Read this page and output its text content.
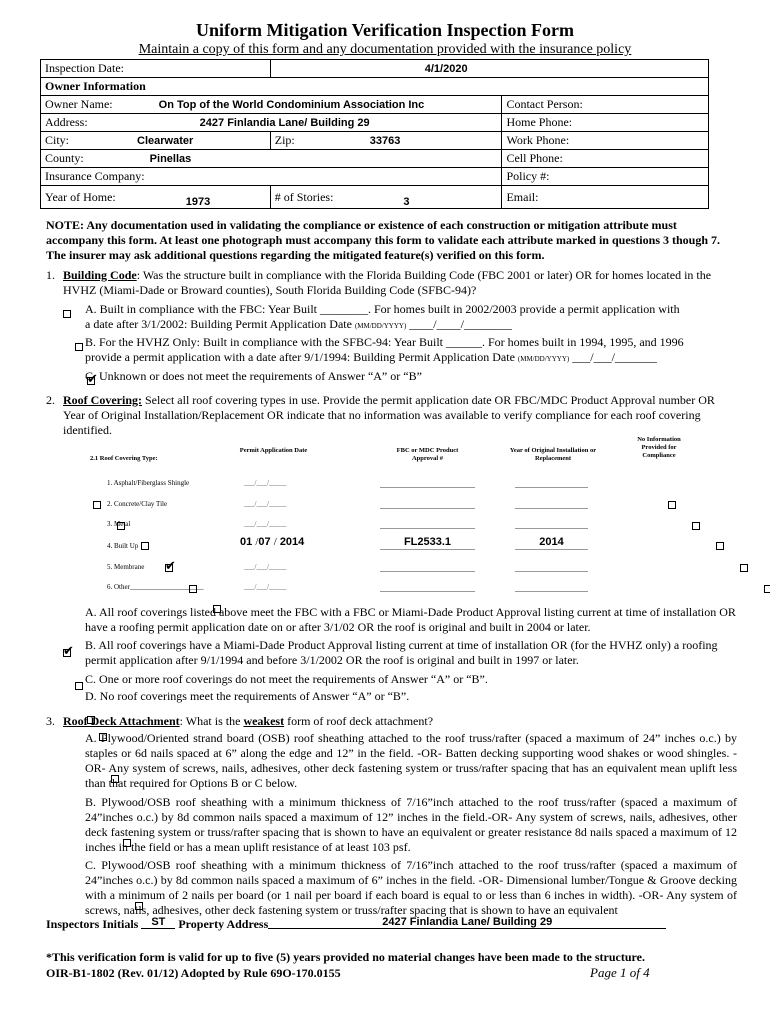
Uniform Mitigation Verification Inspection Form
Maintain a copy of this form and any documentation provided with the insurance policy
Inspection Date:	4/1/2020	
Owner Information		
Owner Name: On Top of the World Condominium Association Inc		Contact Person:
Address: 2427 Finlandia Lane/ Building 29		Home Phone:
City: Clearwater	Zip: 33763	Work Phone:
County: Pinellas		Cell Phone:
Insurance Company:		Policy #:
Year of Home: 1973	# of Stories: 3	Email:
NOTE: Any documentation used in validating the compliance or existence of each construction or mitigation attribute must accompany this form. At least one photograph must accompany this form to validate each attribute marked in questions 3 though 7. The insurer may ask additional questions regarding the mitigated feature(s) verified on this form.
1. Building Code: Was the structure built in compliance with the Florida Building Code (FBC 2001 or later) OR for homes located in the HVHZ (Miami-Dade or Broward counties), South Florida Building Code (SFBC-94)?

A. Built in compliance with the FBC: Year Built ________. For homes built in 2002/2003 provide a permit application with
a date after 3/1/2002: Building Permit Application Date (MM/DD/YYYY) ____/____/________

B. For the HVHZ Only: Built in compliance with the SFBC-94: Year Built ______. For homes built in 1994, 1995, and 1996
provide a permit application with a date after 9/1/1994: Building Permit Application Date (MM/DD/YYYY) ___/___/_______
✔
C. Unknown or does not meet the requirements of Answer “A” or “B”
2. Roof Covering: Select all roof covering types in use. Provide the permit application date OR FBC/MDC Product Approval number OR Year of Original Installation/Replacement OR indicate that no information was available to verify compliance for each roof covering identified.
2.1 Roof Covering Type:
Permit Application Date	FBC or MDC Product Approval #
Year of Original Installation or Replacement
No Information Provided for Compliance

1. Asphalt/Fiberglass Shingle	___/___/_____

2. Concrete/Clay Tile	___/___/_____

3. Metal	___/___/_____
✔
4. Built Up	01 /07 / 2014	FL2533.1	2014

5. Membrane	___/___/_____

6. Other_____________________	___/___/_____
✔
A. All roof coverings listed above meet the FBC with a FBC or Miami-Dade Product Approval listing current at time of installation OR have a roofing permit application date on or after 3/1/02 OR the roof is original and built in 2004 or later.

B. All roof coverings have a Miami-Dade Product Approval listing current at time of installation OR (for the HVHZ only) a roofing permit application after 9/1/1994 and before 3/1/2002 OR the roof is original and built in 1997 or later.

C. One or more roof coverings do not meet the requirements of Answer “A” or “B”.

D. No roof coverings meet the requirements of Answer “A” or “B”.
3. Roof Deck Attachment: What is the weakest form of roof deck attachment?

A. Plywood/Oriented strand board (OSB) roof sheathing attached to the roof truss/rafter (spaced a maximum of 24” inches o.c.) by staples or 6d nails spaced at 6” along the edge and 12” in the field. -OR- Batten decking supporting wood shakes or wood shingles. -OR- Any system of screws, nails, adhesives, other deck fastening system or truss/rafter spacing that has an equivalent mean uplift less than that required for Options B or C below.

B. Plywood/OSB roof sheathing with a minimum thickness of 7/16”inch attached to the roof truss/rafter (spaced a maximum of 24”inches o.c.) by 8d common nails spaced a maximum of 12” inches in the field.-OR- Any system of screws, nails, adhesives, other deck fastening system or truss/rafter spacing that is shown to have an equivalent or greater resistance 8d nails spaced a maximum of 12 inches in the field or has a mean uplift resistance of at least 103 psf.
C. Plywood/OSB roof sheathing with a minimum thickness of 7/16”inch attached to the roof truss/rafter (spaced a maximum of 24”inches o.c.) by 8d common nails spaced a maximum of 6” inches in the field. -OR- Dimensional lumber/Tongue & Groove decking with a minimum of 2 nails per board (or 1 nail per board if each board is equal to or less than 6 inches in width). -OR- Any system of screws, nails, adhesives, other deck fastening system or truss/rafter spacing that is shown to have an equivalent
Inspectors Initials ST Property Address	2427 Finlandia Lane/ Building 29
*This verification form is valid for up to five (5) years provided no material changes have been made to the structure.
OIR-B1-1802 (Rev. 01/12) Adopted by Rule 69O-170.0155	Page 1 of 4
